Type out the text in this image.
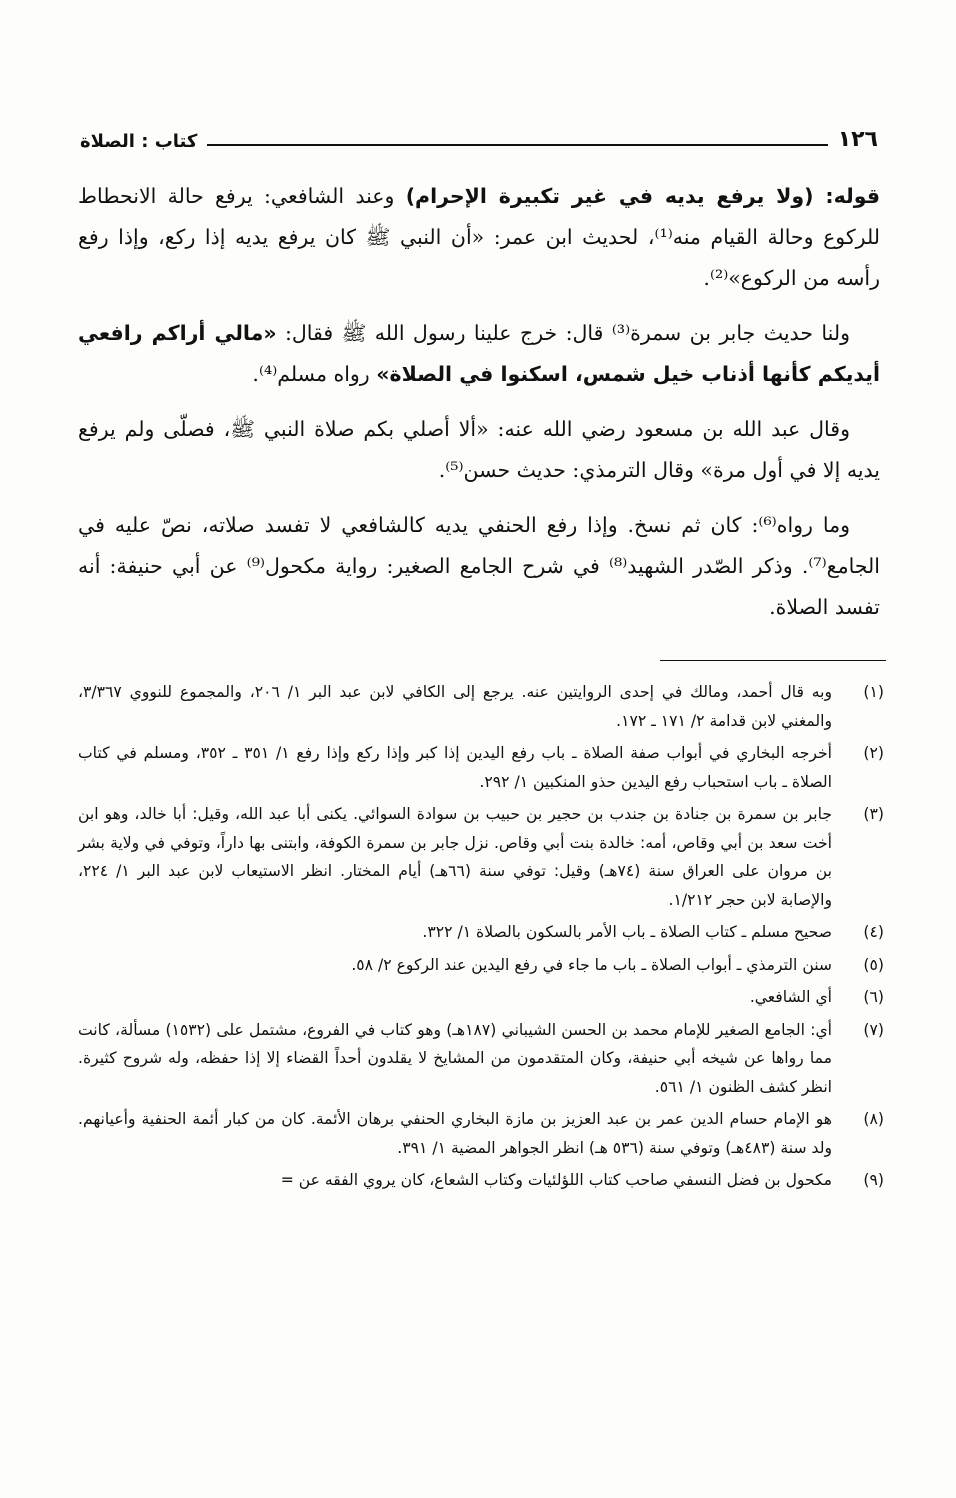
١٢٦
كتاب : الصلاة

قوله: (ولا يرفع يديه في غير تكبيرة الإحرام) وعند الشافعي: يرفع حالة الانحطاط للركوع وحالة القيام منه⁽¹⁾، لحديث ابن عمر: «أن النبي ﷺ كان يرفع يديه إذا ركع، وإذا رفع رأسه من الركوع»⁽²⁾.

ولنا حديث جابر بن سمرة⁽³⁾ قال: خرج علينا رسول الله ﷺ فقال: «مالي أراكم رافعي أيديكم كأنها أذناب خيل شمس، اسكنوا في الصلاة» رواه مسلم⁽⁴⁾.

وقال عبد الله بن مسعود رضي الله عنه: «ألا أصلي بكم صلاة النبي ﷺ، فصلّى ولم يرفع يديه إلا في أول مرة» وقال الترمذي: حديث حسن⁽⁵⁾.

وما رواه⁽⁶⁾: كان ثم نسخ. وإذا رفع الحنفي يديه كالشافعي لا تفسد صلاته، نصّ عليه في الجامع⁽⁷⁾. وذكر الصّدر الشهيد⁽⁸⁾ في شرح الجامع الصغير: رواية مكحول⁽⁹⁾ عن أبي حنيفة: أنه تفسد الصلاة.

(١)
وبه قال أحمد، ومالك في إحدى الروايتين عنه. يرجع إلى الكافي لابن عبد البر ١/ ٢٠٦، والمجموع للنووي ٣/٣٦٧، والمغني لابن قدامة ٢/ ١٧١ ـ ١٧٢.
(٢)
أخرجه البخاري في أبواب صفة الصلاة ـ باب رفع اليدين إذا كبر وإذا ركع وإذا رفع ١/ ٣٥١ ـ ٣٥٢، ومسلم في كتاب الصلاة ـ باب استحباب رفع اليدين حذو المنكبين ١/ ٢٩٢.
(٣)
جابر بن سمرة بن جنادة بن جندب بن حجير بن حبيب بن سوادة السوائي. يكنى أبا عبد الله، وقيل: أبا خالد، وهو ابن أخت سعد بن أبي وقاص، أمه: خالدة بنت أبي وقاص. نزل جابر بن سمرة الكوفة، وابتنى بها داراً، وتوفي في ولاية بشر بن مروان على العراق سنة (٧٤هـ) وقيل: توفي سنة (٦٦هـ) أيام المختار. انظر الاستيعاب لابن عبد البر ١/ ٢٢٤، والإصابة لابن حجر ١/٢١٢.
(٤)
صحيح مسلم ـ كتاب الصلاة ـ باب الأمر بالسكون بالصلاة ١/ ٣٢٢.
(٥)
سنن الترمذي ـ أبواب الصلاة ـ باب ما جاء في رفع اليدين عند الركوع ٢/ ٥٨.
(٦)
أي الشافعي.
(٧)
أي: الجامع الصغير للإمام محمد بن الحسن الشيباني (١٨٧هـ) وهو كتاب في الفروع، مشتمل على (١٥٣٢) مسألة، كانت مما رواها عن شيخه أبي حنيفة، وكان المتقدمون من المشايخ لا يقلدون أحداً القضاء إلا إذا حفظه، وله شروح كثيرة. انظر كشف الظنون ١/ ٥٦١.
(٨)
هو الإمام حسام الدين عمر بن عبد العزيز بن مازة البخاري الحنفي برهان الأئمة. كان من كبار أئمة الحنفية وأعيانهم. ولد سنة (٤٨٣هـ) وتوفي سنة (٥٣٦ هـ) انظر الجواهر المضية ١/ ٣٩١.
(٩)
مكحول بن فضل النسفي صاحب كتاب اللؤلئيات وكتاب الشعاع، كان يروي الفقه عن =
